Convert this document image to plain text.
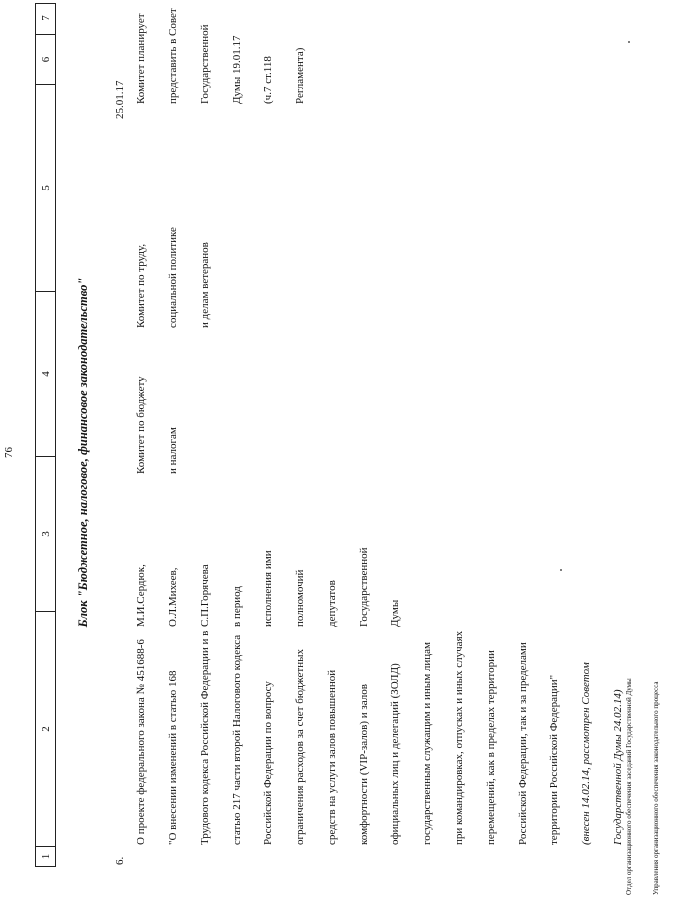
76
1
2
3
4
5
6
7
Блок "Бюджетное, налоговое, финансовое законодательство"
6.

О проекте федерального закона № 451688-6

"О внесении изменений в статью 168

Трудового кодекса Российской Федерации и в

статью 217 части второй Налогового кодекса

Российской Федерации по вопросу

ограничения расходов за счет бюджетных

средств на услуги залов повышенной

комфортности (VIP-залов) и залов

официальных лиц и делегаций (ЗОЛД)

государственным служащим и иным лицам

при командировках, отпусках и иных случаях

перемещений, как в пределах территории

Российской Федерации, так и за пределами

территории Российской Федерации"

(внесен 14.02.14, рассмотрен Советом

Государственной Думы 24.02.14)

М.И.Сердюк,

О.Л.Михеев,

С.П.Горячева

в период

исполнения ими

полномочий

депутатов

Государственной

Думы

Комитет по бюджету

и налогам

Комитет по труду,

социальной политике

и делам ветеранов

25.01.17

Комитет планирует

представить в Совет

Государственной

Думы 19.01.17

(ч.7 ст.118

Регламента)

Отдел организационного обеспечения заседаний Государственной Думы

	Управления организационного обеспечения законодательного процесса
